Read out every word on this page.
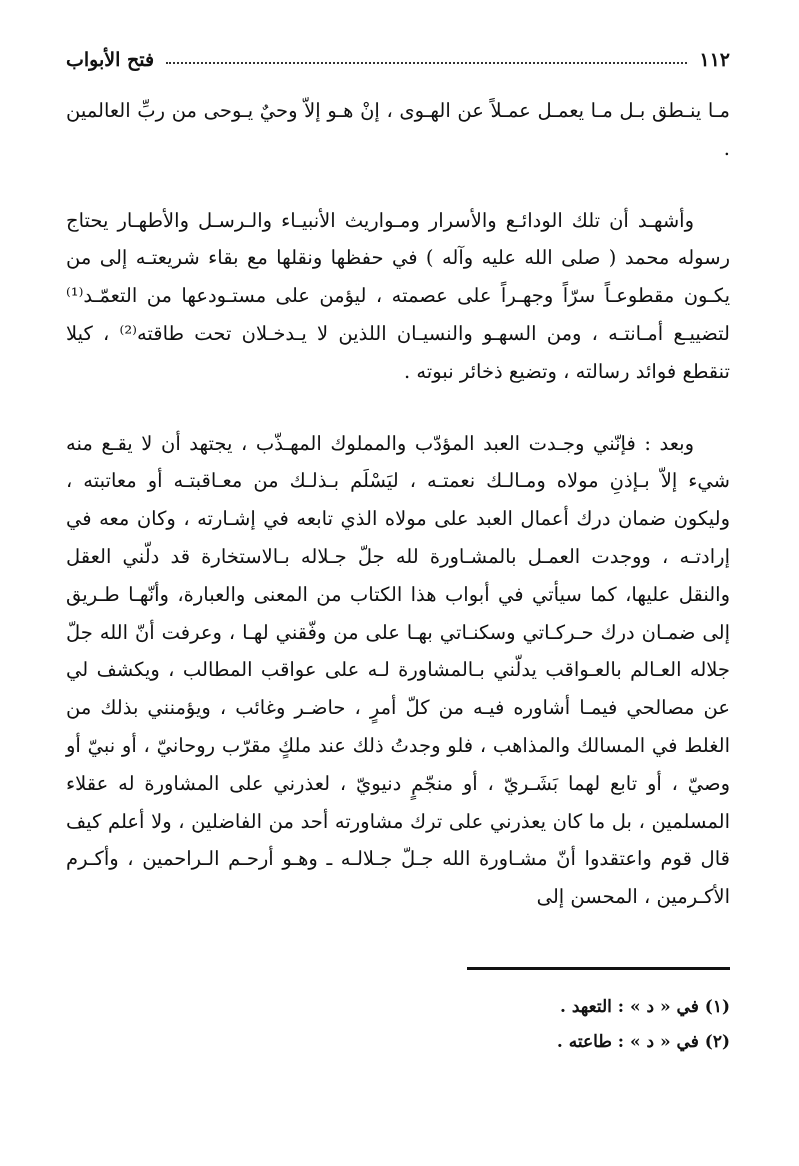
١١٢
فتح الأبواب

مـا ينـطق بـل مـا يعمـل عمـلاً عن الهـوى ، إنْ هـو إلاّ وحيٌ يـوحى من ربِّ العالمين .

وأشهـد أن تلك الودائـع والأسرار ومـواريث الأنبيـاء والـرسـل والأطهـار يحتاج رسوله محمد ( صلى الله عليه وآله ) في حفظها ونقلها مع بقاء شريعتـه إلى من يكـون مقطوعـاً سرّاً وجهـراً على عصمته ، ليؤمن على مستـودعها من التعمّـد⁽¹⁾ لتضييـع أمـانتـه ، ومن السهـو والنسيـان اللذين لا يـدخـلان تحت طاقته⁽²⁾ ، كيلا تنقطع فوائد رسالته ، وتضيع ذخائر نبوته .

وبعد : فإنّني وجـدت العبد المؤدّب والمملوك المهـذّب ، يجتهد أن لا يقـع منه شيء إلاّ بـإذنِ مولاه ومـالـك نعمتـه ، ليَسْلَم بـذلـك من معـاقبتـه أو معاتبته ، وليكون ضمان درك أعمال العبد على مولاه الذي تابعه في إشـارته ، وكان معه في إرادتـه ، ووجدت العمـل بالمشـاورة لله جلّ جـلاله بـالاستخارة قد دلّني العقل والنقل عليها، كما سيأتي في أبواب هذا الكتاب من المعنى والعبارة، وأنّهـا طـريق إلى ضمـان درك حـركـاتي وسكنـاتي بهـا على من وفّقني لهـا ، وعرفت أنّ الله جلّ جلاله العـالم بالعـواقب يدلّني بـالمشاورة لـه على عواقب المطالب ، ويكشف لي عن مصالحي فيمـا أشاوره فيـه من كلّ أمرٍ ، حاضـر وغائب ، ويؤمنني بذلك من الغلط في المسالك والمذاهب ، فلو وجدتُ ذلك عند ملكٍ مقرّب روحانيّ ، أو نبيّ أو وصيّ ، أو تابع لهما بَشَـريّ ، أو منجّمٍ دنيويّ ، لعذرني على المشاورة له عقلاء المسلمين ، بل ما كان يعذرني على ترك مشاورته أحد من الفاضلين ، ولا أعلم كيف قال قوم واعتقدوا أنّ مشـاورة الله جـلّ جـلالـه ـ وهـو أرحـم الـراحمين ، وأكـرم الأكـرمين ، المحسن إلى

(١) في « د » : التعهد .

(٢) في « د » : طاعته .
